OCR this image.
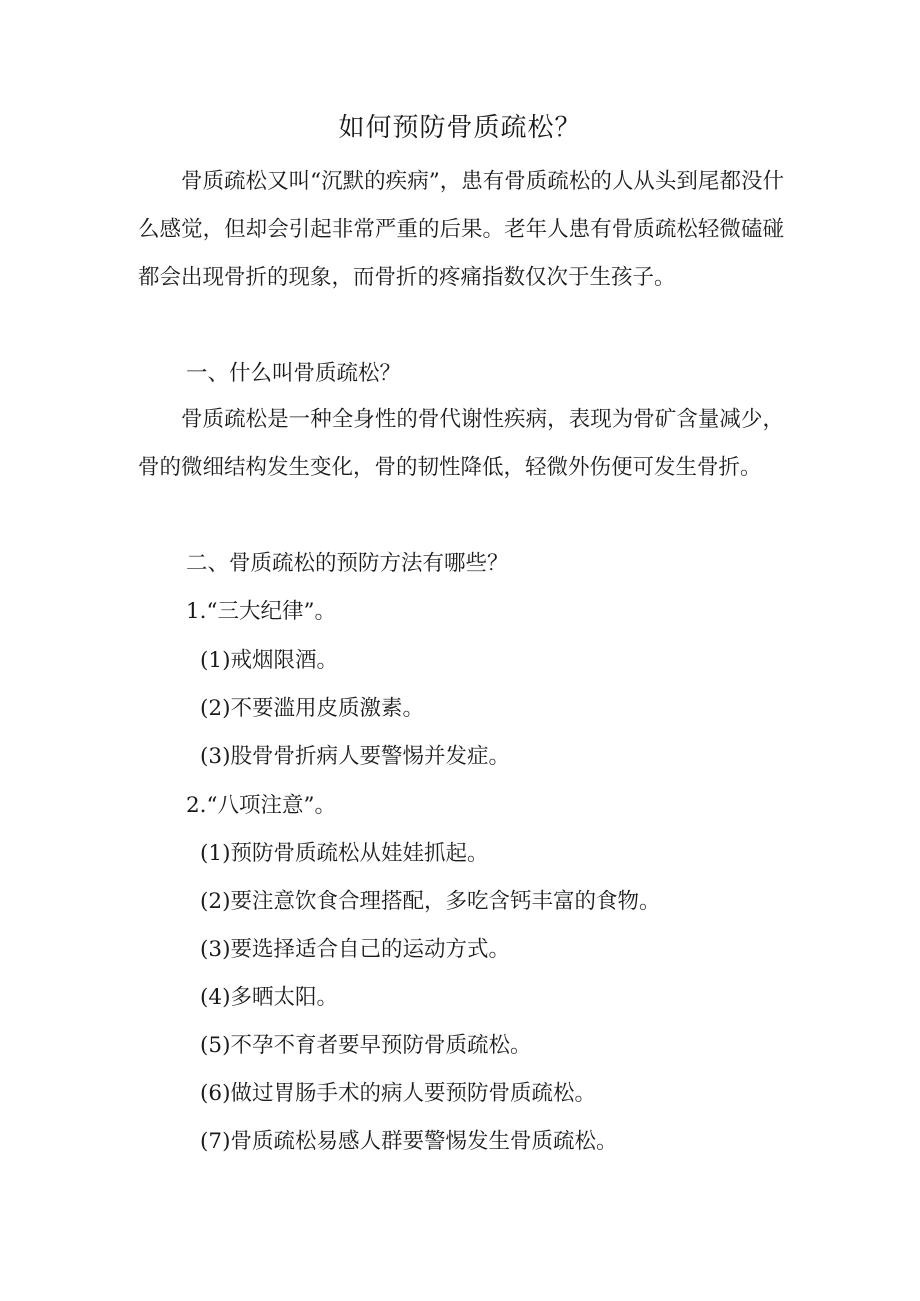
如何预防骨质疏松？

骨质疏松又叫“沉默的疾病”，患有骨质疏松的人从头到尾都没什么感觉，但却会引起非常严重的后果。老年人患有骨质疏松轻微磕碰都会出现骨折的现象，而骨折的疼痛指数仅次于生孩子。

一、什么叫骨质疏松？

骨质疏松是一种全身性的骨代谢性疾病，表现为骨矿含量减少，骨的微细结构发生变化，骨的韧性降低，轻微外伤便可发生骨折。

二、骨质疏松的预防方法有哪些？

1.“三大纪律”。

(1)戒烟限酒。

(2)不要滥用皮质激素。

(3)股骨骨折病人要警惕并发症。

2.“八项注意”。

(1)预防骨质疏松从娃娃抓起。

(2)要注意饮食合理搭配，多吃含钙丰富的食物。

(3)要选择适合自己的运动方式。

(4)多晒太阳。

(5)不孕不育者要早预防骨质疏松。

(6)做过胃肠手术的病人要预防骨质疏松。

(7)骨质疏松易感人群要警惕发生骨质疏松。
